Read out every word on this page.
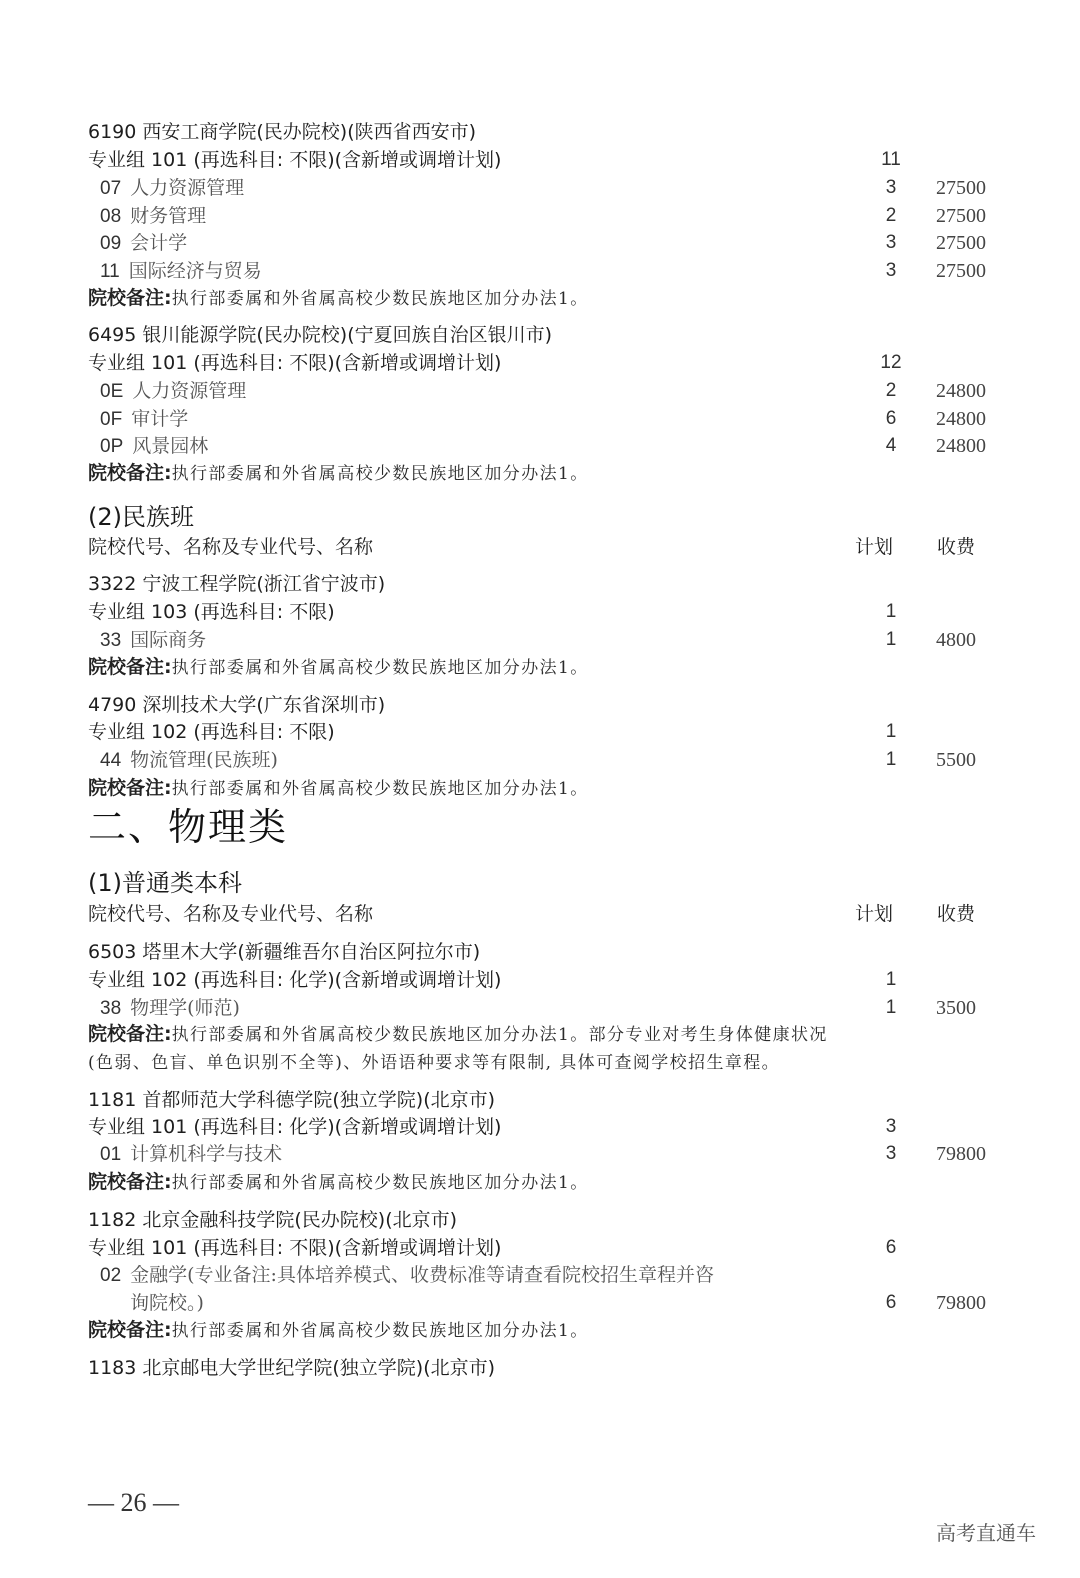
6190 西安工商学院(民办院校)(陕西省西安市)
专业组 101 (再选科目: 不限)(含新增或调增计划)	11
07 人力资源管理	3	27500
08 财务管理	2	27500
09 会计学	3	27500
11 国际经济与贸易	3	27500
院校备注:执行部委属和外省属高校少数民族地区加分办法1。
6495 银川能源学院(民办院校)(宁夏回族自治区银川市)
专业组 101 (再选科目: 不限)(含新增或调增计划)	12
0E 人力资源管理	2	24800
0F 审计学	6	24800
0P 风景园林	4	24800
院校备注:执行部委属和外省属高校少数民族地区加分办法1。
(2)民族班
院校代号、名称及专业代号、名称	计划 收费
3322 宁波工程学院(浙江省宁波市)
专业组 103 (再选科目: 不限)	1
33 国际商务	1	4800
院校备注:执行部委属和外省属高校少数民族地区加分办法1。
4790 深圳技术大学(广东省深圳市)
专业组 102 (再选科目: 不限)	1
44 物流管理(民族班)	1	5500
院校备注:执行部委属和外省属高校少数民族地区加分办法1。
二、物理类
(1)普通类本科
院校代号、名称及专业代号、名称	计划 收费
6503 塔里木大学(新疆维吾尔自治区阿拉尔市)
专业组 102 (再选科目: 化学)(含新增或调增计划)	1
38 物理学(师范)	1	3500
院校备注:执行部委属和外省属高校少数民族地区加分办法1。部分专业对考生身体健康状况
(色弱、色盲、单色识别不全等)、外语语种要求等有限制, 具体可查阅学校招生章程。
1181 首都师范大学科德学院(独立学院)(北京市)
专业组 101 (再选科目: 化学)(含新增或调增计划)	3
01 计算机科学与技术	3	79800
院校备注:执行部委属和外省属高校少数民族地区加分办法1。
1182 北京金融科技学院(民办院校)(北京市)
专业组 101 (再选科目: 不限)(含新增或调增计划)	6
02 金融学(专业备注:具体培养模式、收费标准等请查看院校招生章程并咨
询院校。)	6	79800
院校备注:执行部委属和外省属高校少数民族地区加分办法1。
1183 北京邮电大学世纪学院(独立学院)(北京市)
— 26 —
高考直通车
